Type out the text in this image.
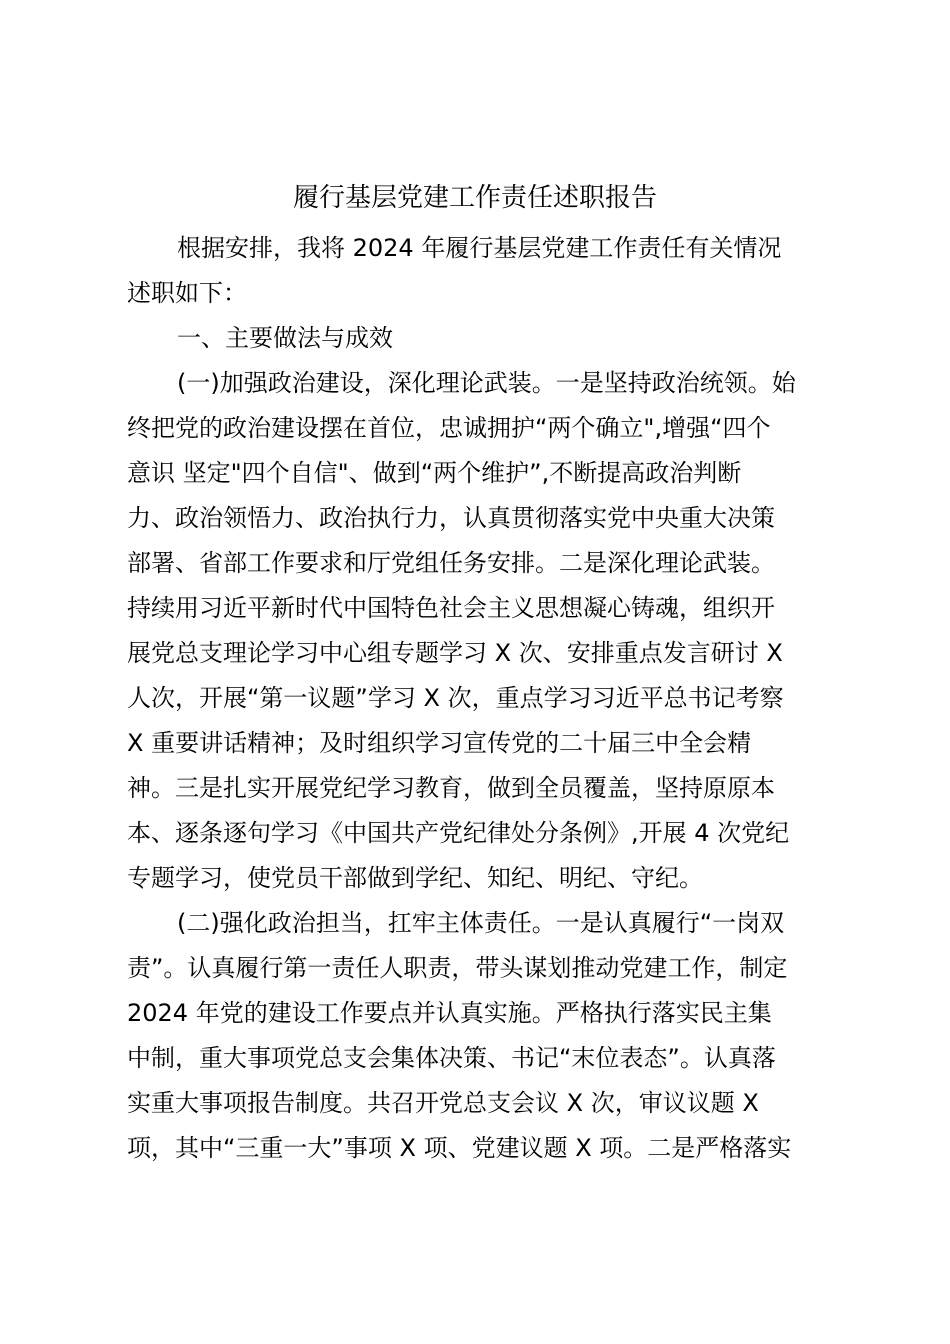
履行基层党建工作责任述职报告
根据安排，我将 2024 年履行基层党建工作责任有关情况
述职如下：
一、主要做法与成效
(一)加强政治建设，深化理论武装。一是坚持政治统领。始
终把党的政治建设摆在首位，忠诚拥护“两个确立",增强“四个
意识 坚定"四个自信"、做到“两个维护”,不断提高政治判断
力、政治领悟力、政治执行力，认真贯彻落实党中央重大决策
部署、省部工作要求和厅党组任务安排。二是深化理论武装。
持续用习近平新时代中国特色社会主义思想凝心铸魂，组织开
展党总支理论学习中心组专题学习 X 次、安排重点发言研讨 X
人次，开展“第一议题”学习 X 次，重点学习习近平总书记考察
X 重要讲话精神；及时组织学习宣传党的二十届三中全会精
神。三是扎实开展党纪学习教育，做到全员覆盖，坚持原原本
本、逐条逐句学习《中国共产党纪律处分条例》,开展 4 次党纪
专题学习，使党员干部做到学纪、知纪、明纪、守纪。
(二)强化政治担当，扛牢主体责任。一是认真履行“一岗双
责”。认真履行第一责任人职责，带头谋划推动党建工作，制定
2024 年党的建设工作要点并认真实施。严格执行落实民主集
中制，重大事项党总支会集体决策、书记“末位表态”。认真落
实重大事项报告制度。共召开党总支会议 X 次，审议议题 X
项，其中“三重一大”事项 X 项、党建议题 X 项。二是严格落实
